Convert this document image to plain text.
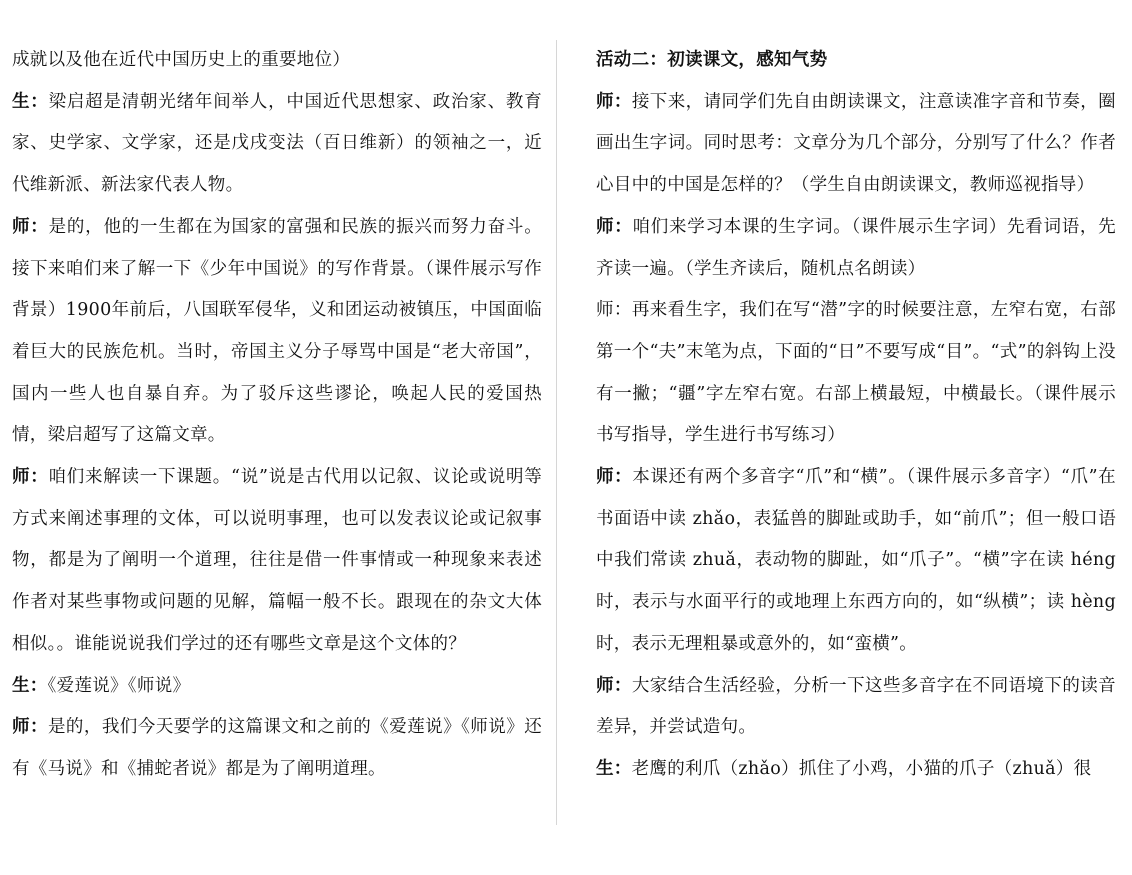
成就以及他在近代中国历史上的重要地位）

生：梁启超是清朝光绪年间举人，中国近代思想家、政治家、教育家、史学家、文学家，还是戊戌变法（百日维新）的领袖之一，近代维新派、新法家代表人物。

师：是的，他的一生都在为国家的富强和民族的振兴而努力奋斗。接下来咱们来了解一下《少年中国说》的写作背景。（课件展示写作背景）1900年前后，八国联军侵华，义和团运动被镇压，中国面临着巨大的民族危机。当时，帝国主义分子辱骂中国是“老大帝国”，国内一些人也自暴自弃。为了驳斥这些谬论，唤起人民的爱国热情，梁启超写了这篇文章。

师：咱们来解读一下课题。“说”说是古代用以记叙、议论或说明等方式来阐述事理的文体，可以说明事理，也可以发表议论或记叙事物，都是为了阐明一个道理，往往是借一件事情或一种现象来表述作者对某些事物或问题的见解，篇幅一般不长。跟现在的杂文大体相似。。谁能说说我们学过的还有哪些文章是这个文体的？

生：《爱莲说》《师说》

师：是的，我们今天要学的这篇课文和之前的《爱莲说》《师说》还有《马说》和《捕蛇者说》都是为了阐明道理。

活动二：初读课文，感知气势

师：接下来，请同学们先自由朗读课文，注意读准字音和节奏，圈画出生字词。同时思考：文章分为几个部分，分别写了什么？作者心目中的中国是怎样的？（学生自由朗读课文，教师巡视指导）

师：咱们来学习本课的生字词。（课件展示生字词）先看词语，先齐读一遍。（学生齐读后，随机点名朗读）

师：再来看生字，我们在写“潜”字的时候要注意，左窄右宽，右部第一个“夫”末笔为点，下面的“日”不要写成“目”。“式”的斜钩上没有一撇；“疆”字左窄右宽。右部上横最短，中横最长。（课件展示书写指导，学生进行书写练习）

师：本课还有两个多音字“爪”和“横”。（课件展示多音字）“爪”在书面语中读 zhǎo，表猛兽的脚趾或助手，如“前爪”；但一般口语中我们常读 zhuǎ，表动物的脚趾，如“爪子”。“横”字在读 héng时，表示与水面平行的或地理上东西方向的，如“纵横”；读 hèng时，表示无理粗暴或意外的，如“蛮横”。

师：大家结合生活经验，分析一下这些多音字在不同语境下的读音差异，并尝试造句。

生：老鹰的利爪（zhǎo）抓住了小鸡，小猫的爪子（zhuǎ）很
